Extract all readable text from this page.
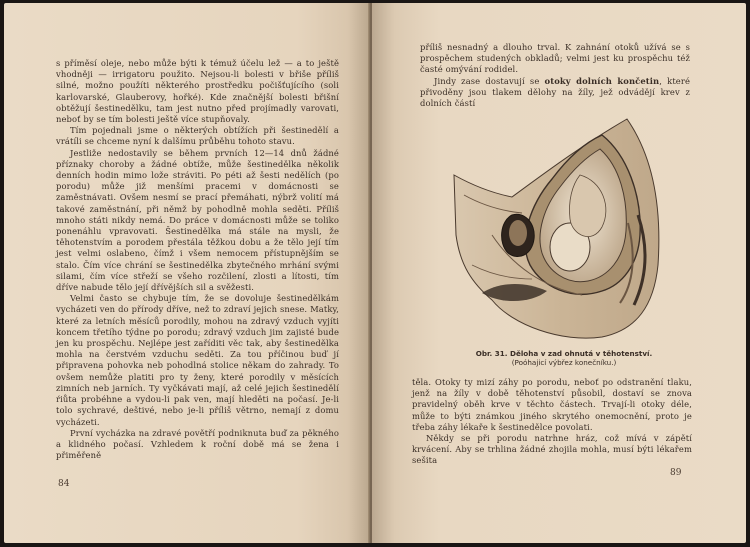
s příměsí oleje, nebo může býti k témuž účelu lež — a to ještě vhodněji — irrigatoru použito. Nejsou-li bolesti v břiše příliš silné, možno použíti některého prostředku počišťujícího (soli karlovarské, Glauberovy, hořké). Kde značnější bolesti břišní obtěžují šestinedělku, tam jest nutno před projímadly varovati, neboť by se tím bolesti ještě více stupňovaly.

Tím pojednali jsme o některých obtížích při šestinedělí a vrátíli se chceme nyní k dalšímu průběhu tohoto stavu.

Jestliže nedostavily se během prvních 12—14 dnů žádné příznaky choroby a žádné obtíže, může šestinedělka několik denních hodin mimo lože stráviti. Po péti až šesti nedělích (po porodu) může již menšími pracemi v domácnosti se zaměstnávati. Ovšem nesmí se prací přemáhati, nýbrž volití má takové zaměstnání, při němž by pohodlně mohla seděti. Příliš mnoho státi nikdy nemá. Do práce v domácnosti může se toliko ponenáhlu vpravovati. Šestinedělka má stále na mysli, že těhotenstvím a porodem přestála těžkou dobu a že tělo její tím jest velmi oslabeno, čímž i všem nemocem přístupnějším se stalo. Čím více chrání se šestinedělka zbytečného mrhání svými silami, čím více střeží se všeho rozčilení, zlosti a lítosti, tím dříve nabude tělo její dřívějších sil a svěžesti.

Velmi často se chybuje tím, že se dovoluje šestinedělkám vycházeti ven do přírody dříve, než to zdraví jejich snese. Matky, které za letních měsíců porodily, mohou na zdravý vzduch vyjíti koncem třetího týdne po porodu; zdravý vzduch jim zajisté bude jen ku prospěchu. Nejlépe jest zaříditi věc tak, aby šestinedělka mohla na čerstvém vzduchu seděti. Za tou příčinou buď jí připravena pohovka neb pohodlná stolice někam do zahrady. To ovšem nemůže platiti pro ty ženy, které porodily v měsících zimních neb jarních. Ty vyčkávati mají, až celé jejich šestinedělí ŕiůta probéhne a vydou-li pak ven, mají hleděti na počasí. Je-li tolo sychravé, deštivé, nebo je-li příliš větrno, nemají z domu vycházeti.

První vycházka na zdravé povětří podniknuta buď za pěkného a klidného počasí. Vzhledem k roční době má se žena i přiměřeně

84

příliš nesnadný a dlouho trval. K zahnání otoků užívá se s prospěchem studených obkladů; velmi jest ku prospěchu též časté omývání rodidel.

Jindy zase dostavují se otoky dolních končetin, které přivoděny jsou tlakem dělohy na žíly, jež odvádějí krev z dolních částí

Obr. 31. Děloha v zad ohnutá v těhotenství.
(Poóhajicí výbřez konečníku.)

těla. Otoky ty mizí záhy po porodu, neboť po odstranění tlaku, jenž na žíly v době těhotenství působil, dostaví se znova pravidelný oběh krve v těchto částech. Trvají-li otoky déle, může to býti známkou jiného skrytého onemocnění, proto je třeba záhy lékaře k šestinedělce povolati.

Někdy se při porodu natrhne hráz, což mívá v zápětí krvácení. Aby se trhlina žádné zhojila mohla, musí býti lékařem sešita

89
